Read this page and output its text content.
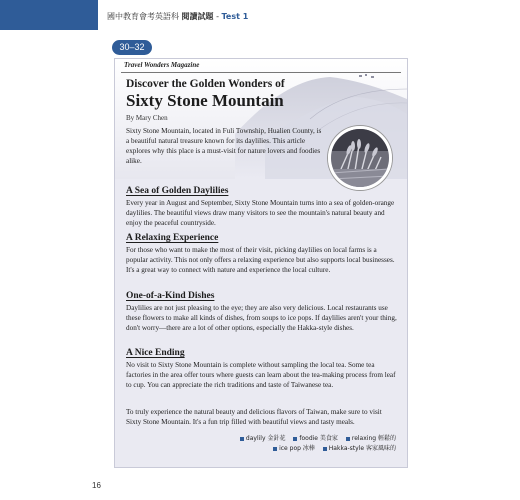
國中教育會考英語科 閱讀試題 - Test 1
30–32
Travel Wonders Magazine
Discover the Golden Wonders of
Sixty Stone Mountain
By Mary Chen
Sixty Stone Mountain, located in Fuli Township, Hualien County, is a beautiful natural treasure known for its daylilies. This article explores why this place is a must-visit for nature lovers and foodies alike.
A Sea of Golden Daylilies
Every year in August and September, Sixty Stone Mountain turns into a sea of golden-orange daylilies. The beautiful views draw many visitors to see the mountain's natural beauty and enjoy the peaceful countryside.
A Relaxing Experience
For those who want to make the most of their visit, picking daylilies on local farms is a popular activity. This not only offers a relaxing experience but also supports local businesses. It's a great way to connect with nature and experience the local culture.
One-of-a-Kind Dishes
Daylilies are not just pleasing to the eye; they are also very delicious. Local restaurants use these flowers to make all kinds of dishes, from soups to ice pops. If daylilies aren't your thing, don't worry—there are a lot of other options, especially the Hakka-style dishes.
A Nice Ending
No visit to Sixty Stone Mountain is complete without sampling the local tea. Some tea factories in the area offer tours where guests can learn about the tea-making process from leaf to cup. You can appreciate the rich traditions and taste of Taiwanese tea.
To truly experience the natural beauty and delicious flavors of Taiwan, make sure to visit Sixty Stone Mountain. It's a fun trip filled with beautiful views and tasty meals.
daylily 金針花 foodie 美食家 relaxing 輕鬆的
ice pop 冰棒 Hakka-style 客家風味的
16
